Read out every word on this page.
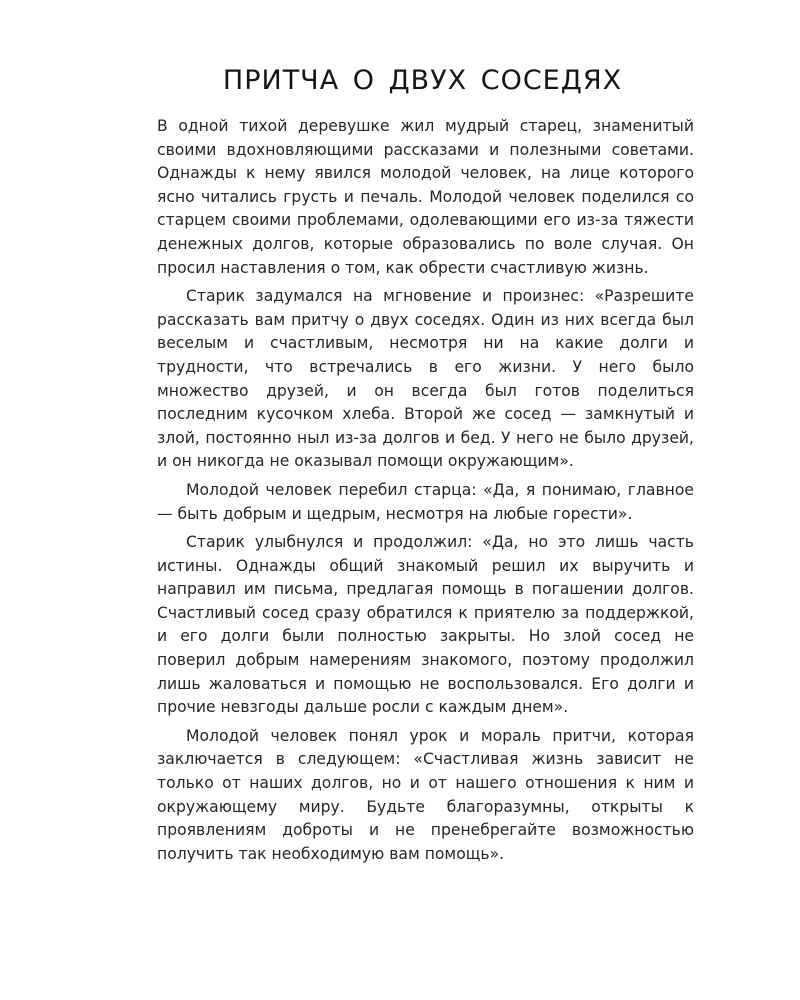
ПРИТЧА О ДВУХ СОСЕДЯХ

В одной тихой деревушке жил мудрый старец, знаменитый своими вдохновляющими рассказами и полезными советами. Однажды к нему явился молодой человек, на лице которого ясно читались грусть и печаль. Молодой человек поделился со старцем своими проблемами, одолевающими его из-за тяжести денежных долгов, которые образовались по воле случая. Он просил наставления о том, как обрести счастливую жизнь.

Старик задумался на мгновение и произнес: «Разрешите рассказать вам притчу о двух соседях. Один из них всегда был веселым и счастливым, несмотря ни на какие долги и трудности, что встречались в его жизни. У него было множество друзей, и он всегда был готов поделиться последним кусочком хлеба. Второй же сосед — замкнутый и злой, постоянно ныл из-за долгов и бед. У него не было друзей, и он никогда не оказывал помощи окружающим».

Молодой человек перебил старца: «Да, я понимаю, главное — быть добрым и щедрым, несмотря на любые горести».

Старик улыбнулся и продолжил: «Да, но это лишь часть истины. Однажды общий знакомый решил их выручить и направил им письма, предлагая помощь в погашении долгов. Счастливый сосед сразу обратился к приятелю за поддержкой, и его долги были полностью закрыты. Но злой сосед не поверил добрым намерениям знакомого, поэтому продолжил лишь жаловаться и помощью не воспользовался. Его долги и прочие невзгоды дальше росли с каждым днем».

Молодой человек понял урок и мораль притчи, которая заключается в следующем: «Счастливая жизнь зависит не только от наших долгов, но и от нашего отношения к ним и окружающему миру. Будьте благоразумны, открыты к проявлениям доброты и не пренебрегайте возможностью получить так необходимую вам помощь».
